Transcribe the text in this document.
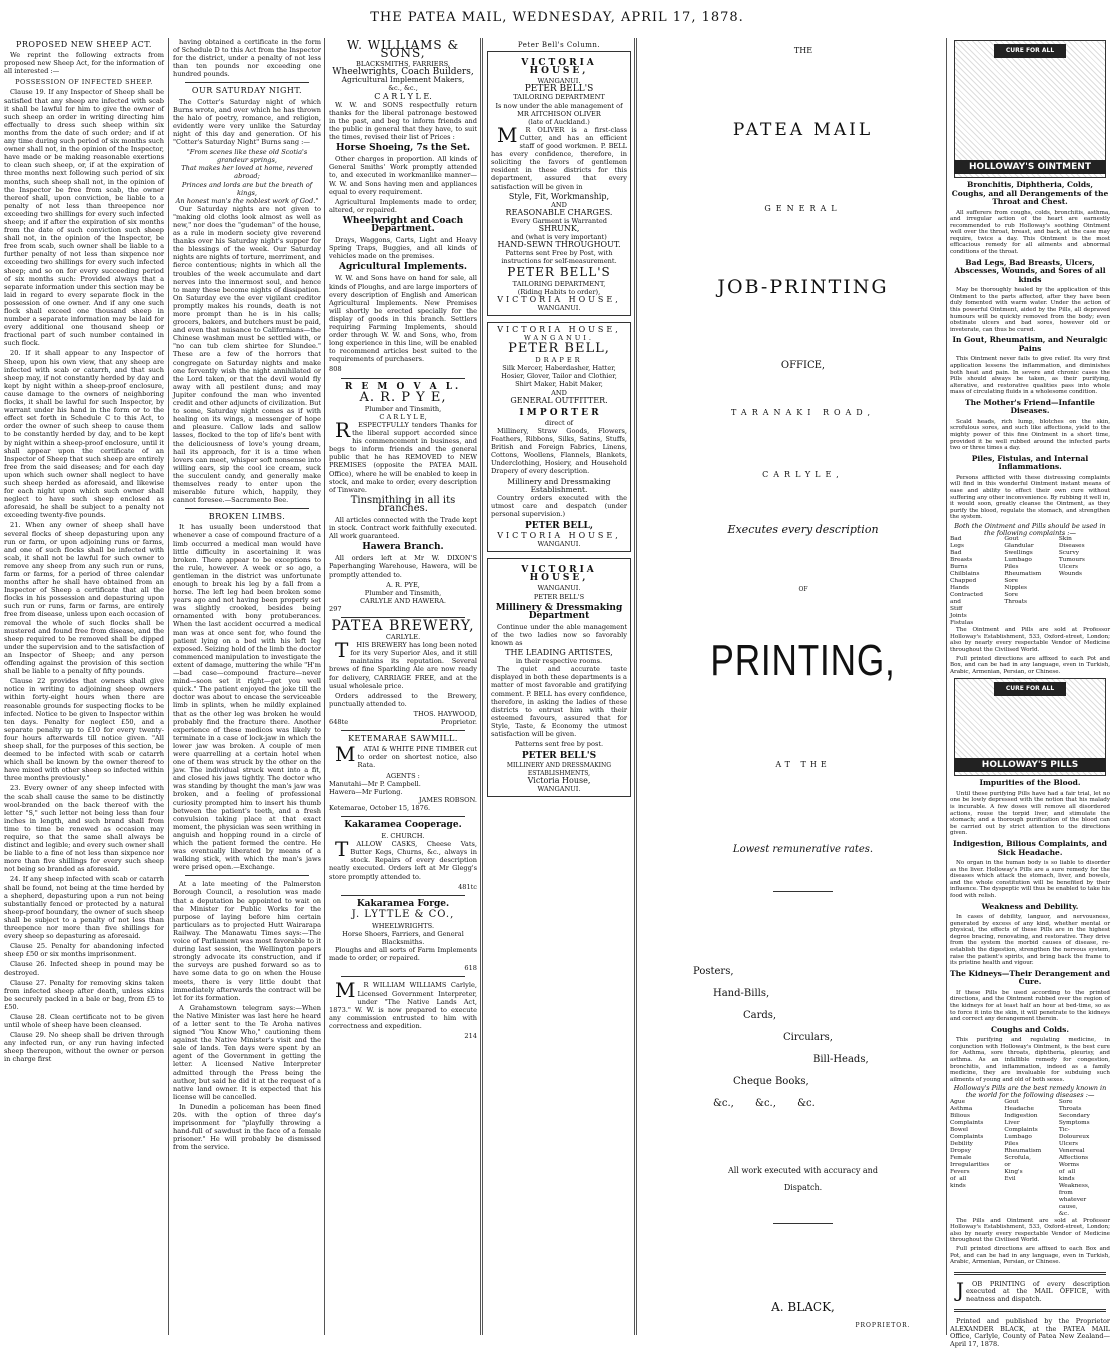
THE PATEA MAIL, WEDNESDAY, APRIL 17, 1878.
PROPOSED NEW SHEEP ACT.

We reprint the following extracts from proposed new Sheep Act, for the information of all interested :—

POSSESSION OF INFECTED SHEEP.

Clause 19. If any Inspector of Sheep shall be satisfied that any sheep are infected with scab it shall be lawful for him to give the owner of such sheep an order in writing directing him effectually to dress such sheep within six months from the date of such order; and if at any time during such period of six months such owner shall not, in the opinion of the Inspector, have made or be making reasonable exertions to clean such sheep, or, if at the expiration of three months next following such period of six months, such sheep shall not, in the opinion of the Inspector be free from scab, the owner thereof shall, upon conviction, be liable to a penalty of not less than threepence nor exceeding two shillings for every such infected sheep; and if after the expiration of six months from the date of such conviction such sheep shall not, in the opinion of the Inspector, be free from scab, such owner shall be liable to a further penalty of not less than sixpence nor exceeding two shillings for every such infected sheep; and so on for every succeeding period of six months such: Provided always that a separate information under this section may be laid in regard to every separate flock in the possession of one owner. And if any one such flock shall exceed one thousand sheep in number a separate information may be laid for every additional one thousand sheep or fractional part of such number contained in such flock.

20. If it shall appear to any Inspector of Sheep, upon his own view, that any sheep are infected with scab or catarrh, and that such sheep may, if not constantly herded by day and kept by night within a sheep-proof enclosure, cause damage to the owners of neighboring flocks, it shall be lawful for such Inspector, by warrant under his hand in the form or to the effect set forth in Schedule C to this Act, to order the owner of such sheep to cause them to be constantly herded by day, and to be kept by night within a sheep-proof enclosure, until it shall appear upon the certificate of an Inspector of Sheep that such sheep are entirely free from the said diseases; and for each day upon which such owner shall neglect to have such sheep herded as aforesaid, and likewise for each night upon which such owner shall neglect to have such sheep enclosed as aforesaid, he shall be subject to a penalty not exceeding twenty-five pounds.

21. When any owner of sheep shall have several flocks of sheep depasturing upon any run or farm, or upon adjoining runs or farms, and one of such flocks shall be infected with scab, it shall not be lawful for such owner to remove any sheep from any such run or runs, farm or farms, for a period of three calendar months after he shall have obtained from an Inspector of Sheep a certificate that all the flocks in his possession and depasturing upon such run or runs, farm or farms, are entirely free from disease, unless upon each occasion of removal the whole of such flocks shall be mustered and found free from disease, and the sheep required to be removed shall be dipped under the supervision and to the satisfaction of an Inspector of Sheep; and any person offending against the provision of this section shall be liable to a penalty of fifty pounds.

Clause 22 provides that owners shall give notice in writing to adjoining sheep owners within forty-eight hours when there are reasonable grounds for suspecting flocks to be infected. Notice to be given to Inspector within ten days. Penalty for neglect £50, and a separate penalty up to £10 for every twenty-four hours afterwards till notice given. "All sheep shall, for the purposes of this section, be deemed to be infected with scab or catarrh which shall be known by the owner thereof to have mixed with other sheep so infected within three months previously."

23. Every owner of any sheep infected with the scab shall cause the same to be distinctly wool-branded on the back thereof with the letter "S," such letter not being less than four inches in length, and such brand shall from time to time be renewed as occasion may require, so that the same shall always be distinct and legible; and every such owner shall be liable to a fine of not less than sixpence nor more than five shillings for every such sheep not being so branded as aforesaid.

24. If any sheep infected with scab or catarrh shall be found, not being at the time herded by a shepherd, depasturing upon a run not being substantially fenced or protected by a natural sheep-proof boundary, the owner of such sheep shall be subject to a penalty of not less than threepence nor more than five shillings for every sheep so depasturing as aforesaid.

Clause 25. Penalty for abandoning infected sheep £50 or six months imprisonment.

Clause 26. Infected sheep in pound may be destroyed.

Clause 27. Penalty for removing skins taken from infected sheep after death, unless skins be securely packed in a bale or bag, from £5 to £50.

Clause 28. Clean certificate not to be given until whole of sheep have been cleansed.

Clause 29. No sheep shall be driven through any infected run, or any run having infected sheep thereupon, without the owner or person in charge first

having obtained a certificate in the form of Schedule D to this Act from the Inspector for the district, under a penalty of not less than ten pounds nor exceeding one hundred pounds.

OUR SATURDAY NIGHT.

The Cotter's Saturday night of which Burns wrote, and over which he has thrown the halo of poetry, romance, and religion, evidently were very unlike the Saturday night of this day and generation. Of his "Cotter's Saturday Night" Burns sang :—

"From scenes like these old Scotia's grandeur springs,
That makes her loved at home, revered abroad;
Princes and lords are but the breath of kings,
An honest man's the noblest work of God."

Our Saturday nights are not given to "making old cloths look almost as well as new," nor does the "gudeman" of the house, as a rule in modern society give reverend thanks over his Saturday night's supper for the blessings of the week. Our Saturday nights are nights of torture, merriment, and fierce contentious; nights in which all the troubles of the week accumulate and dart nerves into the innermost soul, and hence to many these become nights of dissipation. On Saturday eve the ever vigilant creditor promptly makes his rounds, death is not more prompt than he is in his calls; grocers, bakers, and butchers must be paid, and even that nuisance to Californians—the Chinese washman must be settled with, or "no can tub clem shirtee for Slundee." These are a few of the horrors that congregate on Saturday nights and make one fervently wish the night annihilated or the Lord taken, or that the devil would fly away with all pestilent duns; and may Jupiter confound the man who invented credit and other adjuncts of civilization. But to some, Saturday night comes as if with healing on its wings, a messenger of hope and pleasure. Callow lads and sallow lasses, flocked to the top of life's bent with the deliciousness of love's young dream, hail its approach, for it is a time when lovers can meet, whisper soft nonsense into willing ears, sip the cool ice cream, suck the succulent candy, and generally make themselves ready to enter upon the miserable future which, happily, they cannot foresee.—Sacramento Bee.

BROKEN LIMBS.

It has usually been understood that whenever a case of compound fracture of a limb occurred a medical man would have little difficulty in ascertaining it was broken. There appear to be exceptions to the rule, however. A week or so ago, a gentleman in the district was unfortunate enough to break his leg by a fall from a horse. The left leg had been broken some years ago and not having been properly set was slightly crooked, besides being ornamented with bony protuberances. When the last accident occurred a medical man was at once sent for, who found the patient lying on a bed with his left leg exposed. Seizing hold of the limb the doctor commenced manipulation to investigate the extent of damage, muttering the while "H'm—bad case—compound fracture—never mind—soon set it right—get you well quick." The patient enjoyed the joke till the doctor was about to encase the serviceable limb in splints, when he mildly explained that as the other leg was broken he would probably find the fracture there. Another experience of these medicos was likely to terminate in a case of lock-jaw in which the lower jaw was broken. A couple of men were quarrelling at a certain hotel when one of them was struck by the other on the jaw. The individual struck went into a fit, and closed his jaws tightly. The doctor who was standing by thought the man's jaw was broken, and a feeling of professional curiosity prompted him to insert his thumb between the patient's teeth, and a fresh convulsion taking place at that exact moment, the physician was seen writhing in anguish and hopping round in a circle of which the patient formed the centre. He was eventually liberated by means of a walking stick, with which the man's jaws were prised open.—Exchange.

At a late meeting of the Palmerston Borough Council, a resolution was made that a deputation be appointed to wait on the Minister for Public Works for the purpose of laying before him certain particulars as to projected Hutt Wairarapa Railway. The Manawatu Times says:—The voice of Parliament was most favorable to it during last session, the Wellington papers strongly advocate its construction, and if the surveys are pushed forward so as to have some data to go on when the House meets, there is very little doubt that immediately afterwards the contract will be let for its formation.

A Grahamstown telegram says:—When the Native Minister was last here he heard of a letter sent to the Te Aroha natives signed "You Know Who," cautioning them against the Native Minister's visit and the sale of lands. Ten days were spent by an agent of the Government in getting the letter. A licensed Native Interpreter admitted through the Press being the author, but said he did it at the request of a native land owner. It is expected that his license will be cancelled.

In Dunedin a policeman has been fined 20s. with the option of three day's imprisonment for "playfully throwing a hand-full of sawdust in the face of a female prisoner." He will probably be dismissed from the service.

W. WILLIAMS & SONS,
BLACKSMITHS, FARRIERS,
Wheelwrights, Coach Builders,
Agricultural Implement Makers,
&c., &c.,
C A R L Y L E.

W. W. and SONS respectfully return thanks for the liberal patronage bestowed in the past, and beg to inform friends and the public in general that they have, to suit the times, revised their list of Prices :

Horse Shoeing, 7s the Set.

Other charges in proportion. All kinds of General Smiths' Work promptly attended to, and executed in workmanlike manner—W. W. and Sons having men and appliances equal to every requirement.

Agricultural Implements made to order, altered, or repaired.

Wheelwright and Coach Department.

Drays, Waggons, Carts, Light and Heavy Spring Traps, Buggies, and all kinds of vehicles made on the premises.

Agricultural Implements.

W. W. and Sons have on hand for sale, all kinds of Ploughs, and are large importers of every description of English and American Agricultural Implements. New Premises will shortly be erected specially for the display of goods in this branch. Settlers requiring Farming Implements, should order through W. W. and Sons, who, from long experience in this line, will be enabled to recommend articles best suited to the requirements of purchasers.

808
R E M O V A L.
A. R. P Y E,
Plumber and Tinsmith,
C A R L Y L E,

RESPECTFULLY tenders Thanks for the liberal support accorded since his commencement in business, and begs to inform friends and the general public that he has REMOVED to NEW PREMISES (opposite the PATEA MAIL Office), where he will be enabled to keep in stock, and make to order, every description of Tinware.

Tinsmithing in all its branches.

All articles connected with the Trade kept in stock. Contract work faithfully executed. All work guaranteed.

Hawera Branch.

All orders left at Mr W. DIXON'S Paperhanging Warehouse, Hawera, will be promptly attended to.

A. R. PYE,
Plumber and Tinsmith,
CARLYLE AND HAWERA.
297
PATEA BREWERY,
CARLYLE.

THIS BREWERY has long been noted for its very Superior Ales, and it still maintains its reputation. Several brews of fine Sparkling Ale are now ready for delivery, CARRIAGE FREE, and at the usual wholesale price.

Orders addressed to the Brewery, punctually attended to.

THOS. HAYWOOD,
648te	Proprietor.
KETEMARAE SAWMILL.

MATAI & WHITE PINE TIMBER cut to order on shortest notice, also Rata.

AGENTS :
Manutahi—Mr P. Campbell.
Hawera—Mr Furlong.
JAMES ROBSON.
Ketemarae, October 15, 1876.
Kakaramea Cooperage.
E. CHURCH.

TALLOW CASKS, Cheese Vats, Butter Kegs, Churns, &c., always in stock. Repairs of every description neatly executed. Orders left at Mr Glegg's store promptly attended to.

481tc
Kakaramea Forge.
J. LYTTLE & CO.,
WHEELWRIGHTS.
Horse Shoers, Farriers, and General Blacksmiths.

Ploughs and all sorts of Farm Implements made to order, or repaired.

618

MR WILLIAM WILLIAMS Carlyle, Licensed Government Interpreter, under "The Native Lands Act, 1873." W. W. is now prepared to execute any commission entrusted to him with correctness and expedition.

214
Peter Bell's Column.
VICTORIA HOUSE,
WANGANUI.
PETER BELL'S
TAILORING DEPARTMENT
Is now under the able management of
MR AITCHISON OLIVER
(late of Auckland.)

MR OLIVER is a first-class Cutter, and has an efficient staff of good workmen. P. BELL has every confidence, therefore, in soliciting the favors of gentlemen resident in these districts for this department, assured that every satisfaction will be given in

Style, Fit, Workmanship,
AND
REASONABLE CHARGES.
Every Garment is Warranted
SHRUNK,
and (what is very important)
HAND-SEWN THROUGHOUT.
Patterns sent Free by Post, with instructions for self-measurement.
PETER BELL'S
TAILORING DEPARTMENT,
(Riding Habits to order),
VICTORIA HOUSE,
WANGANUI.
VICTORIA HOUSE,
WANGANUI.
PETER BELL,
DRAPER
Silk Mercer, Haberdasher, Hatter, Hosier, Glover, Tailor and Clothier,
Shirt Maker, Habit Maker,
AND
GENERAL OUTFITTER.
I M P O R T E R
direct of

Millinery, Straw Goods, Flowers, Feathers, Ribbons, Silks, Satins, Stuffs, British and Foreign Fabrics, Linens, Cottons, Woollens, Flannels, Blankets, Underclothing, Hosiery, and Household Drapery of every description.

Millinery and Dressmaking Establishment.

Country orders executed with the utmost care and despatch (under personal supervision.)

PETER BELL,
VICTORIA HOUSE,
WANGANUI.
VICTORIA HOUSE,
WANGANUI.
PETER BELL'S
Millinery & Dressmaking Department

Continue under the able management of the two ladies now so favorably known as

THE LEADING ARTISTES,
in their respective rooms.

The quiet and accurate taste displayed in both these departments is a matter of most favorable and gratifying comment. P. BELL has every confidence, therefore, in asking the ladies of these districts to entrust him with their esteemed favours, assured that for Style, Taste, & Economy the utmost satisfaction will be given.

Patterns sent free by post.
PETER BELL'S
MILLINERY AND DRESSMAKING ESTABLISHMENTS,
Victoria House,
WANGANUI.
THE
PATEA MAIL
GENERAL
JOB-PRINTING
OFFICE,
TARANAKI ROAD,
CARLYLE,
Executes every description
OF
PRINTING,
AT THE
Lowest remunerative rates.
Posters,
Hand-Bills,
Cards,
Circulars,
Bill-Heads,
Cheque Books,
&c., &c., &c.
All work executed with accuracy and
Dispatch.
A. BLACK,
PROPRIETOR.
CURE FOR ALL
HOLLOWAY'S OINTMENT
Bronchitis, Diphtheria, Colds, Coughs, and all Derangements of the Throat and Chest.

All sufferers from coughs, colds, bronchitis, asthma, and irregular action of the heart are earnestly recommended to rub Holloway's soothing Ointment well over the throat, breast, and back, at the case may require, twice a day. This Ointment is the most efficacious remedy for all ailments and abnormal conditions of the throat.

Bad Legs, Bad Breasts, Ulcers, Abscesses, Wounds, and Sores of all kinds

May be thoroughly healed by the application of this Ointment to the parts affected, after they have been duly fomented with warm water. Under the action of this powerful Ointment, aided by the Pills, all depraved humours will be quickly removed from the body; even obstinate ulcers and bad sores, however old or inveterate, can thus be cured.

In Gout, Rheumatism, and Neuralgic Pains

This Ointment never fails to give relief. Its very first application lessens the inflammation, and diminishes both heat and pain. In severe and chronic cases the Pills should always be taken, as their purifying, alterative, and restorative qualities pass into whole mass of circulating fluids in a wholesome condition.

The Mother's Friend—Infantile Diseases.

Scald heads, rich lump, blotches on the skin, scrofulous sores, and such like affections, yield to the mighty power of this fine Ointment in a short time, provided it be well rubbed around the infected parts two or three times a day.

Piles, Fistulas, and Internal Inflammations.

Persons afflicted with these distressing complaints will find in this wonderful Ointment instant means of ease and ability to effect their own cure without suffering any other inconvenience. By rubbing it well in, it would soon, greatly cleanse the Ointment, as they purify the blood, regulate the stomach, and strengthen the system.

Both the Ointment and Pills should be used in the following complaints :—
Bad Legs
Bad Breasts
Burns
Chilblains
Chapped Hands
Contracted and Stiff Joints
Fistulas
Gout
Glandular Swellings
Lumbago
Piles
Rheumatism
Sore Nipples
Sore Throats
Skin Diseases
Scurvy
Tumours
Ulcers
Wounds

The Ointment and Pills are sold at Professor Holloway's Establishment, 533, Oxford-street, London; also by nearly every respectable Vendor of Medicine throughout the Civilised World.

Full printed directions are affixed to each Pot and Box, and can be had in any language, even in Turkish, Arabic, Armenian, Persian, or Chinese.

CURE FOR ALL
HOLLOWAY'S PILLS
Impurities of the Blood.

Until these purifying Pills have had a fair trial, let no one be lowly depressed with the notion that his malady is incurable. A few doses will remove all disordered actions, rouse the torpid liver, and stimulate the stomach; and a thorough purification of the blood can be carried out by strict attention to the directions given.

Indigestion, Bilious Complaints, and Sick Headache.

No organ in the human body is so liable to disorder as the liver. Holloway's Pills are a sure remedy for the diseases which attack the stomach, liver, and bowels, and the whole constitution will be benefited by their influence. The dyspeptic will thus be enabled to take his food with relish.

Weakness and Debility.

In cases of debility, languor, and nervousness, generated by excess of any kind, whether mental or physical, the effects of these Pills are in the highest degree bracing, renovating, and restorative. They drive from the system the morbid causes of disease, re-establish the digestion, strengthen the nervous system, raise the patient's spirits, and bring back the frame to its pristine health and vigour.

The Kidneys—Their Derangement and Cure.

If these Pills be used according to the printed directions, and the Ointment rubbed over the region of the kidneys for at least half an hour at bed-time, so as to force it into the skin, it will penetrate to the kidneys and correct any derangement therein.

Coughs and Colds.

This purifying and regulating medicine, in conjunction with Holloway's Ointment, is the best cure for Asthma, sore throats, diphtheria, pleurisy, and asthma. As an infallible remedy for congestion, bronchitis, and inflammation, indeed as a family medicine, they are invaluable for subduing such ailments of young and old of both sexes.

Holloway's Pills are the best remedy known in the world for the following diseases :—
Ague
Asthma
Bilious Complaints
Bowel Complaints
Debility
Dropsy
Female Irregularities
Fevers of all kinds
Gout
Headache
Indigestion
Liver Complaints
Lumbago
Piles
Rheumatism
Scrofula, or King's Evil
Sore Throats
Secondary Symptoms
Tic-Doloureux
Ulcers
Venereal Affections
Worms of all kinds
Weakness, from whatever cause, &c.

The Pills and Ointment are sold at Professor Holloway's Establishment, 533, Oxford-street, London; also by nearly every respectable Vendor of Medicine throughout the Civilised World.

Full printed directions are affixed to each Box and Pot, and can be had in any language, even in Turkish, Arabic, Armenian, Persian, or Chinese.

JOB PRINTING of every description executed at the MAIL OFFICE, with neatness and dispatch.

Printed and published by the Proprietor ALEXANDER BLACK, at the PATEA MAIL Office, Carlyle, County of Patea New Zealand—April 17, 1878.
